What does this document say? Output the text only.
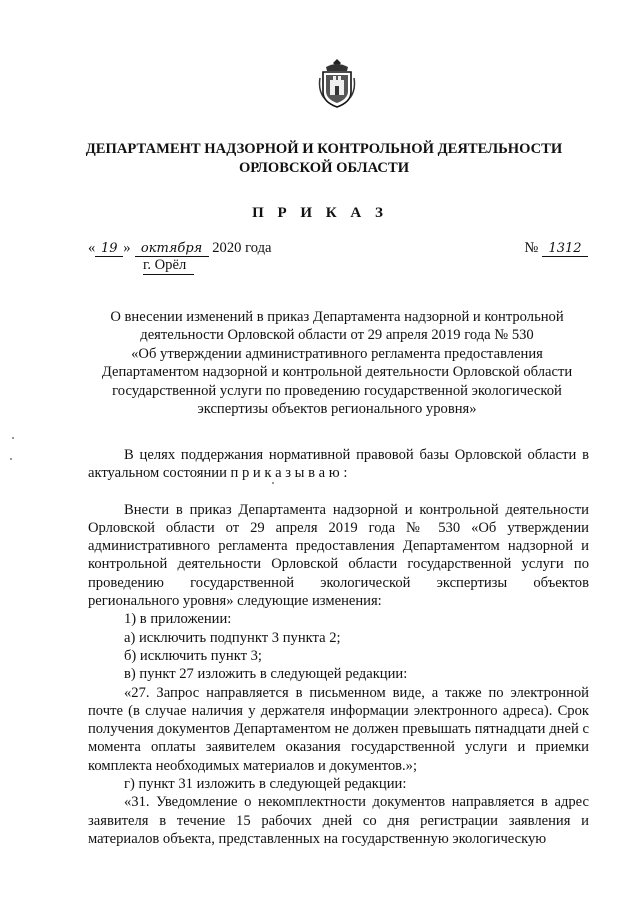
ДЕПАРТАМЕНТ НАДЗОРНОЙ И КОНТРОЛЬНОЙ ДЕЯТЕЛЬНОСТИ
ОРЛОВСКОЙ ОБЛАСТИ
П Р И К А З
« 19 » октября 2020 года
г. Орёл
№ 1312
О внесении изменений в приказ Департамента надзорной и контрольной
деятельности Орловской области от 29 апреля 2019 года № 530
«Об утверждении административного регламента предоставления
Департаментом надзорной и контрольной деятельности Орловской области
государственной услуги по проведению государственной экологической
экспертизы объектов регионального уровня»

В целях поддержания нормативной правовой базы Орловской области в актуальном состоянии п р и к а з ы в а ю :

Внести в приказ Департамента надзорной и контрольной деятельности Орловской области от 29 апреля 2019 года № 530 «Об утверждении административного регламента предоставления Департаментом надзорной и контрольной деятельности Орловской области государственной услуги по проведению государственной экологической экспертизы объектов регионального уровня» следующие изменения:

1) в приложении:

а) исключить подпункт 3 пункта 2;

б) исключить пункт 3;

в) пункт 27 изложить в следующей редакции:

«27. Запрос направляется в письменном виде, а также по электронной почте (в случае наличия у держателя информации электронного адреса). Срок получения документов Департаментом не должен превышать пятнадцати дней с момента оплаты заявителем оказания государственной услуги и приемки комплекта необходимых материалов и документов.»;

г) пункт 31 изложить в следующей редакции:

«31. Уведомление о некомплектности документов направляется в адрес заявителя в течение 15 рабочих дней со дня регистрации заявления и материалов объекта, представленных на государственную экологическую
